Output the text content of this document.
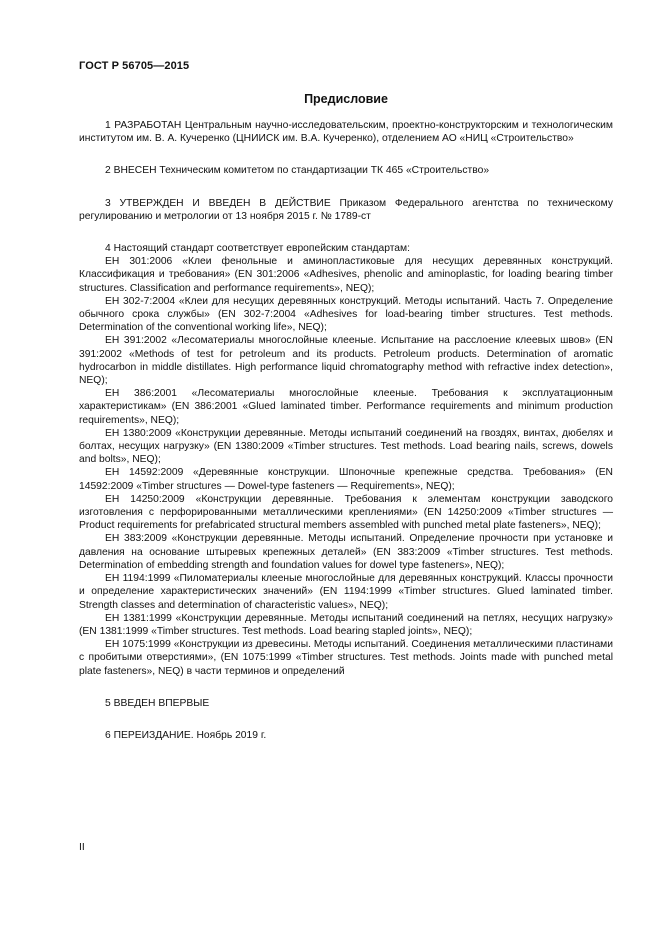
ГОСТ Р 56705—2015
Предисловие

1 РАЗРАБОТАН Центральным научно-исследовательским, проектно-конструкторским и технологическим институтом им. В. А. Кучеренко (ЦНИИСК им. В.А. Кучеренко), отделением АО «НИЦ «Строительство»

2 ВНЕСЕН Техническим комитетом по стандартизации ТК 465 «Строительство»

3 УТВЕРЖДЕН И ВВЕДЕН В ДЕЙСТВИЕ Приказом Федерального агентства по техническому регулированию и метрологии от 13 ноября 2015 г. № 1789-ст

4 Настоящий стандарт соответствует европейским стандартам:

ЕН 301:2006 «Клеи фенольные и аминопластиковые для несущих деревянных конструкций. Классификация и требования» (EN 301:2006 «Adhesives, phenolic and aminoplastic, for loading bearing timber structures. Classification and performance requirements», NEQ);

ЕН 302-7:2004 «Клеи для несущих деревянных конструкций. Методы испытаний. Часть 7. Определение обычного срока службы» (EN 302-7:2004 «Adhesives for load-bearing timber structures. Test methods. Determination of the conventional working life», NEQ);

ЕН 391:2002 «Лесоматериалы многослойные клееные. Испытание на расслоение клеевых швов» (EN 391:2002 «Methods of test for petroleum and its products. Petroleum products. Determination of aromatic hydrocarbon in middle distillates. High performance liquid chromatography method with refractive index detection», NEQ);

ЕН 386:2001 «Лесоматериалы многослойные клееные. Требования к эксплуатационным характеристикам» (EN 386:2001 «Glued laminated timber. Performance requirements and minimum production requirements», NEQ);

ЕН 1380:2009 «Конструкции деревянные. Методы испытаний соединений на гвоздях, винтах, дюбелях и болтах, несущих нагрузку» (EN 1380:2009 «Timber structures. Test methods. Load bearing nails, screws, dowels and bolts», NEQ);

ЕН 14592:2009 «Деревянные конструкции. Шпоночные крепежные средства. Требования» (EN 14592:2009 «Timber structures — Dowel-type fasteners — Requirements», NEQ);

ЕН 14250:2009 «Конструкции деревянные. Требования к элементам конструкции заводского изготовления с перфорированными металлическими креплениями» (EN 14250:2009 «Timber structures — Product requirements for prefabricated structural members assembled with punched metal plate fasteners», NEQ);

ЕН 383:2009 «Конструкции деревянные. Методы испытаний. Определение прочности при установке и давления на основание штыревых крепежных деталей» (EN 383:2009 «Timber structures. Test methods. Determination of embedding strength and foundation values for dowel type fasteners», NEQ);

ЕН 1194:1999 «Пиломатериалы клееные многослойные для деревянных конструкций. Классы прочности и определение характеристических значений» (EN 1194:1999 «Timber structures. Glued laminated timber. Strength classes and determination of characteristic values», NEQ);

ЕН 1381:1999 «Конструкции деревянные. Методы испытаний соединений на петлях, несущих нагрузку» (EN 1381:1999 «Timber structures. Test methods. Load bearing stapled joints», NEQ);

ЕН 1075:1999 «Конструкции из древесины. Методы испытаний. Соединения металлическими пластинами с пробитыми отверстиями», (EN 1075:1999 «Timber structures. Test methods. Joints made with punched metal plate fasteners», NEQ) в части терминов и определений

5 ВВЕДЕН ВПЕРВЫЕ

6 ПЕРЕИЗДАНИЕ. Ноябрь 2019 г.

II
